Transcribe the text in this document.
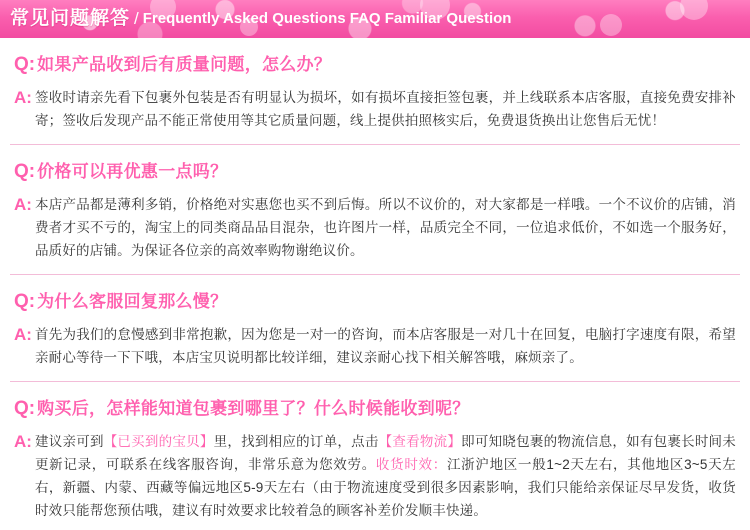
常见问题解答 / Frequently Asked Questions FAQ Familiar Question
Q: 如果产品收到后有质量问题，怎么办？
A: 签收时请亲先看下包裹外包装是否有明显认为损坏，如有损坏直接拒签包裹，并上线联系本店客服，直接免费安排补寄；签收后发现产品不能正常使用等其它质量问题，线上提供拍照核实后，免费退货换出让您售后无忧！
Q: 价格可以再优惠一点吗？
A: 本店产品都是薄利多销，价格绝对实惠您也买不到后悔。所以不议价的，对大家都是一样哦。一个不议价的店铺，消费者才买不亏的，淘宝上的同类商品品目混杂，也许图片一样，品质完全不同，一位追求低价，不如选一个服务好，品质好的店铺。为保证各位亲的高效率购物谢绝议价。
Q: 为什么客服回复那么慢？
A: 首先为我们的怠慢感到非常抱歉，因为您是一对一的咨询，而本店客服是一对几十在回复，电脑打字速度有限，希望亲耐心等待一下下哦，本店宝贝说明都比较详细，建议亲耐心找下相关解答哦，麻烦亲了。
Q: 购买后，怎样能知道包裹到哪里了？什么时候能收到呢？
A: 建议亲可到【已买到的宝贝】里，找到相应的订单，点击【查看物流】即可知晓包裹的物流信息，如有包裹长时间未更新记录，可联系在线客服咨询，非常乐意为您效劳。收货时效：江浙沪地区一般1~2天左右，其他地区3~5天左右，新疆、内蒙、西藏等偏远地区5-9天左右（由于物流速度受到很多因素影响，我们只能给亲保证尽早发货，收货时效只能帮您预估哦，建议有时效要求比较着急的顾客补差价发顺丰快递。
